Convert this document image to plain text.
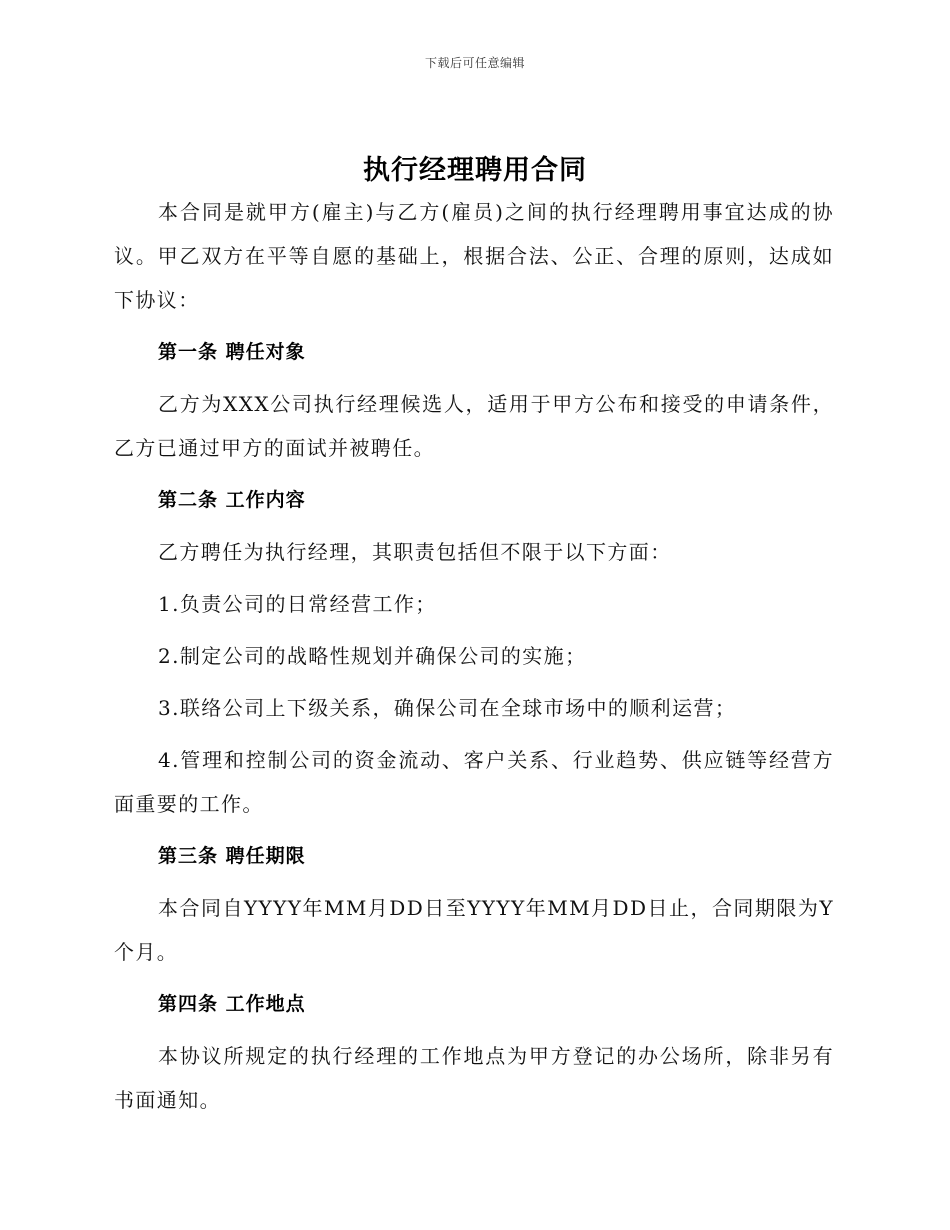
下载后可任意编辑
执行经理聘用合同

本合同是就甲方(雇主)与乙方(雇员)之间的执行经理聘用事宜达成的协议。甲乙双方在平等自愿的基础上，根据合法、公正、合理的原则，达成如下协议：

第一条 聘任对象

乙方为XXX公司执行经理候选人，适用于甲方公布和接受的申请条件，乙方已通过甲方的面试并被聘任。

第二条 工作内容

乙方聘任为执行经理，其职责包括但不限于以下方面：

1.负责公司的日常经营工作；

2.制定公司的战略性规划并确保公司的实施；

3.联络公司上下级关系，确保公司在全球市场中的顺利运营；

4.管理和控制公司的资金流动、客户关系、行业趋势、供应链等经营方面重要的工作。

第三条 聘任期限

本合同自YYYY年MM月DD日至YYYY年MM月DD日止，合同期限为Y个月。

第四条 工作地点

本协议所规定的执行经理的工作地点为甲方登记的办公场所，除非另有书面通知。
